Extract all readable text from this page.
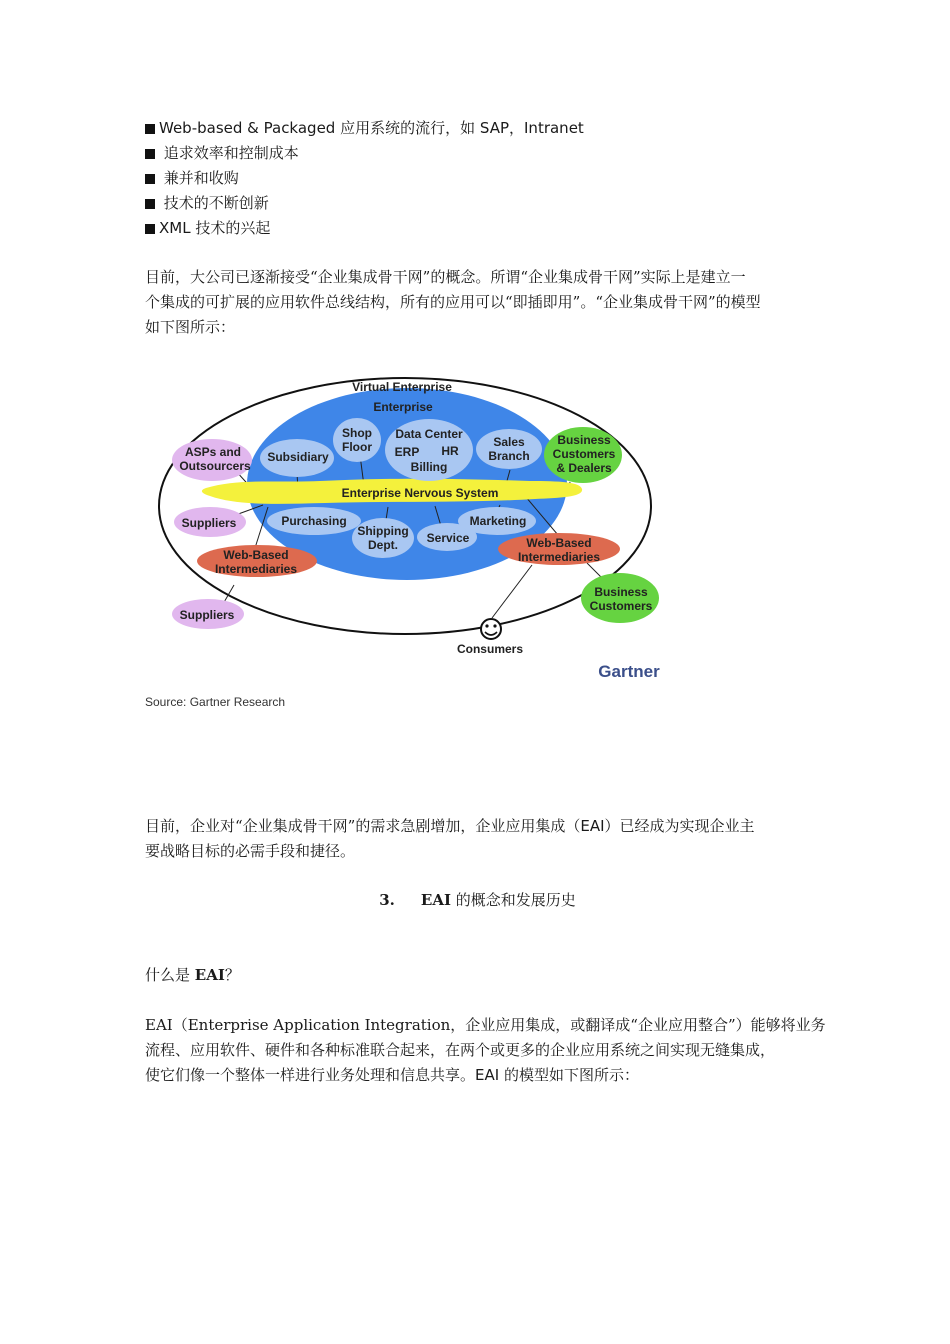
Web-based & Packaged 应用系统的流行，如 SAP，Intranet
追求效率和控制成本
兼并和收购
技术的不断创新
XML 技术的兴起

目前，大公司已逐渐接受“企业集成骨干网”的概念。所谓“企业集成骨干网”实际上是建立一
个集成的可扩展的应用软件总线结构，所有的应用可以“即插即用”。“企业集成骨干网”的模型
如下图所示：

Virtual Enterprise
Enterprise
Shop
Floor
Data Center
ERP HR
Billing
Sales
Branch
Subsidiary
Business
Customers
& Dealers
ASPs and
Outsourcers
Enterprise Nervous System
Suppliers	Purchasing
Shipping
Dept. Service
Marketing
Web-Based
Intermediaries
Web-Based
Intermediaries
Business
Customers
Suppliers
Consumers
Gartner
Source: Gartner Research

目前，企业对“企业集成骨干网”的需求急剧增加，企业应用集成（EAI）已经成为实现企业主
要战略目标的必需手段和捷径。

3. EAI 的概念和发展历史

什么是 EAI？

EAI（Enterprise Application Integration，企业应用集成，或翻译成“企业应用整合”）能够将业务
流程、应用软件、硬件和各种标准联合起来，在两个或更多的企业应用系统之间实现无缝集成，
使它们像一个整体一样进行业务处理和信息共享。EAI 的模型如下图所示：
